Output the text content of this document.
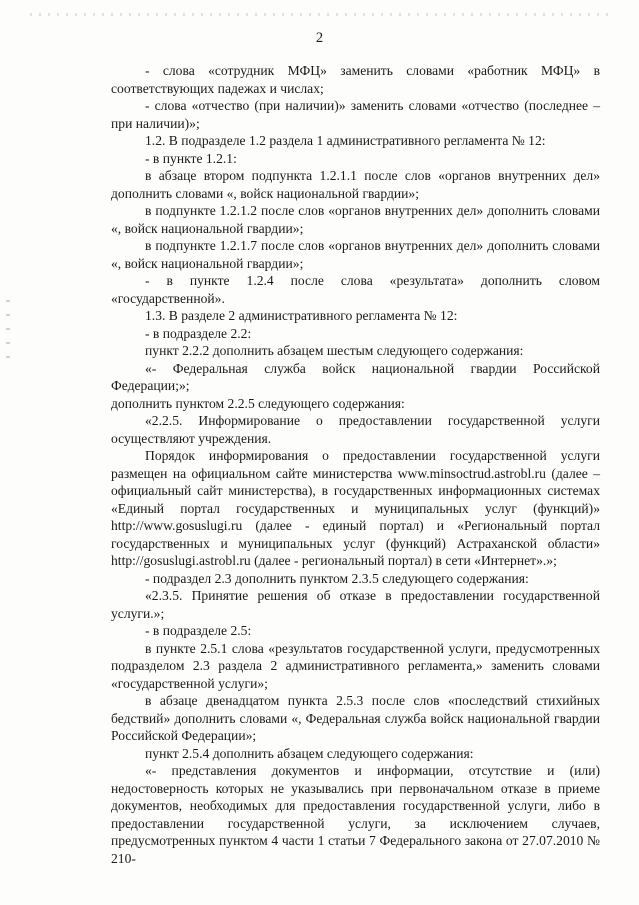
2

- слова «сотрудник МФЦ» заменить словами «работник МФЦ» в соответствующих падежах и числах;

- слова «отчество (при наличии)» заменить словами «отчество (последнее – при наличии)»;

1.2. В подразделе 1.2 раздела 1 административного регламента № 12:

- в пункте 1.2.1:

в абзаце втором подпункта 1.2.1.1 после слов «органов внутренних дел» дополнить словами «, войск национальной гвардии»;

в подпункте 1.2.1.2 после слов «органов внутренних дел» дополнить словами «, войск национальной гвардии»;

в подпункте 1.2.1.7 после слов «органов внутренних дел» дополнить словами «, войск национальной гвардии»;

- в пункте 1.2.4 после слова «результата» дополнить словом «государственной».

1.3. В разделе 2 административного регламента № 12:

- в подразделе 2.2:

пункт 2.2.2 дополнить абзацем шестым следующего содержания:

«- Федеральная служба войск национальной гвардии Российской Федерации;»;

дополнить пунктом 2.2.5 следующего содержания:

«2.2.5. Информирование о предоставлении государственной услуги осуществляют учреждения.

Порядок информирования о предоставлении государственной услуги размещен на официальном сайте министерства www.minsoctrud.astrobl.ru (далее – официальный сайт министерства), в государственных информационных системах «Единый портал государственных и муниципальных услуг (функций)» http://www.gosuslugi.ru (далее - единый портал) и «Региональный портал государственных и муниципальных услуг (функций) Астраханской области» http://gosuslugi.astrobl.ru (далее - региональный портал) в сети «Интернет».»;

- подраздел 2.3 дополнить пунктом 2.3.5 следующего содержания:

«2.3.5. Принятие решения об отказе в предоставлении государственной услуги.»;

- в подразделе 2.5:

в пункте 2.5.1 слова «результатов государственной услуги, предусмотренных подразделом 2.3 раздела 2 административного регламента,» заменить словами «государственной услуги»;

в абзаце двенадцатом пункта 2.5.3 после слов «последствий стихийных бедствий» дополнить словами «, Федеральная служба войск национальной гвардии Российской Федерации»;

пункт 2.5.4 дополнить абзацем следующего содержания:

«- представления документов и информации, отсутствие и (или) недостоверность которых не указывались при первоначальном отказе в приеме документов, необходимых для предоставления государственной услуги, либо в предоставлении государственной услуги, за исключением случаев, предусмотренных пунктом 4 части 1 статьи 7 Федерального закона от 27.07.2010 № 210-
